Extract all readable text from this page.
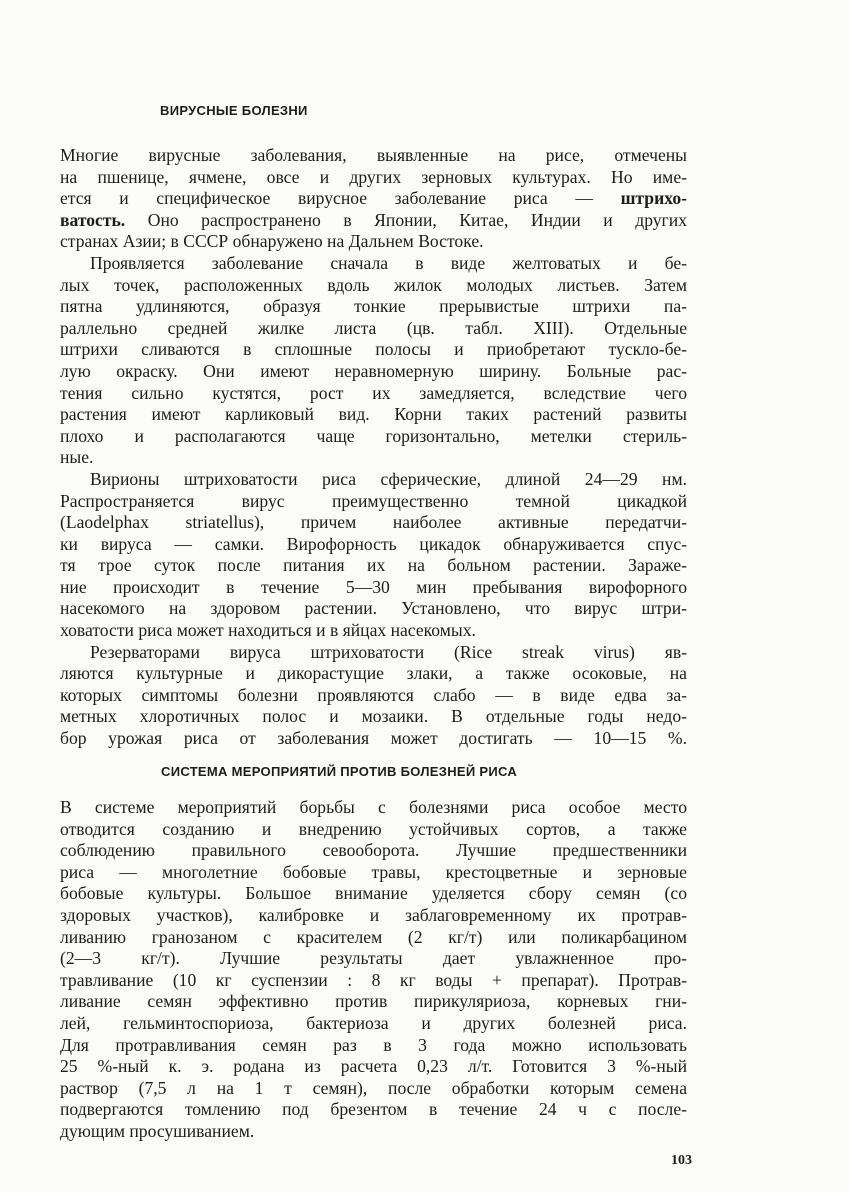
ВИРУСНЫЕ БОЛЕЗНИ
Многие вирусные заболевания, выявленные на рисе, отмечены
на пшенице, ячмене, овсе и других зерновых культурах. Но име-
ется и специфическое вирусное заболевание риса — штрихо-
ватость. Оно распространено в Японии, Китае, Индии и других
странах Азии; в СССР обнаружено на Дальнем Востоке.
Проявляется заболевание сначала в виде желтоватых и бе-
лых точек, расположенных вдоль жилок молодых листьев. Затем
пятна удлиняются, образуя тонкие прерывистые штрихи па-
раллельно средней жилке листа (цв. табл. XIII). Отдельные
штрихи сливаются в сплошные полосы и приобретают тускло-бе-
лую окраску. Они имеют неравномерную ширину. Больные рас-
тения сильно кустятся, рост их замедляется, вследствие чего
растения имеют карликовый вид. Корни таких растений развиты
плохо и располагаются чаще горизонтально, метелки стериль-
ные.
Вирионы штриховатости риса сферические, длиной 24—29 нм.
Распространяется вирус преимущественно темной цикадкой
(Laodelphax striatellus), причем наиболее активные передатчи-
ки вируса — самки. Вирофорность цикадок обнаруживается спус-
тя трое суток после питания их на больном растении. Зараже-
ние происходит в течение 5—30 мин пребывания вирофорного
насекомого на здоровом растении. Установлено, что вирус штри-
ховатости риса может находиться и в яйцах насекомых.
Резерваторами вируса штриховатости (Rice streak virus) яв-
ляются культурные и дикорастущие злаки, а также осоковые, на
которых симптомы болезни проявляются слабо — в виде едва за-
метных хлоротичных полос и мозаики. В отдельные годы недо-
бор урожая риса от заболевания может достигать — 10—15 %.
СИСТЕМА МЕРОПРИЯТИЙ ПРОТИВ БОЛЕЗНЕЙ РИСА
В системе мероприятий борьбы с болезнями риса особое место
отводится созданию и внедрению устойчивых сортов, а также
соблюдению правильного севооборота. Лучшие предшественники
риса — многолетние бобовые травы, крестоцветные и зерновые
бобовые культуры. Большое внимание уделяется сбору семян (со
здоровых участков), калибровке и заблаговременному их протрав-
ливанию гранозаном с красителем (2 кг/т) или поликарбацином
(2—3 кг/т). Лучшие результаты дает увлажненное про-
травливание (10 кг суспензии : 8 кг воды + препарат). Протрав-
ливание семян эффективно против пирикуляриоза, корневых гни-
лей, гельминтоспориоза, бактериоза и других болезней риса.
Для протравливания семян раз в 3 года можно использовать
25 %-ный к. э. родана из расчета 0,23 л/т. Готовится 3 %-ный
раствор (7,5 л на 1 т семян), после обработки которым семена
подвергаются томлению под брезентом в течение 24 ч с после-
дующим просушиванием.
103
